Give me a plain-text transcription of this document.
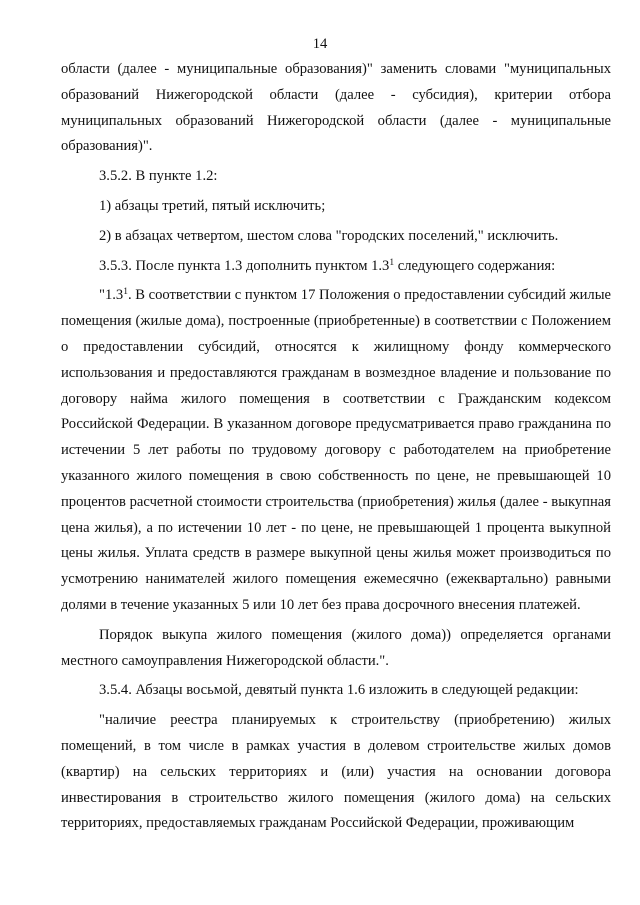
14

области (далее - муниципальные образования)" заменить словами "муниципальных образований Нижегородской области (далее - субсидия), критерии отбора муниципальных образований Нижегородской области (далее - муниципальные образования)".

3.5.2. В пункте 1.2:

1) абзацы третий, пятый исключить;

2) в абзацах четвертом, шестом слова "городских поселений," исключить.

3.5.3. После пункта 1.3 дополнить пунктом $1.3^1$ следующего содержания:

"$1.3^1$. В соответствии с пунктом 17 Положения о предоставлении субсидий жилые помещения (жилые дома), построенные (приобретенные) в соответствии с Положением о предоставлении субсидий, относятся к жилищному фонду коммерческого использования и предоставляются гражданам в возмездное владение и пользование по договору найма жилого помещения в соответствии с Гражданским кодексом Российской Федерации. В указанном договоре предусматривается право гражданина по истечении 5 лет работы по трудовому договору с работодателем на приобретение указанного жилого помещения в свою собственность по цене, не превышающей 10 процентов расчетной стоимости строительства (приобретения) жилья (далее - выкупная цена жилья), а по истечении 10 лет - по цене, не превышающей 1 процента выкупной цены жилья. Уплата средств в размере выкупной цены жилья может производиться по усмотрению нанимателей жилого помещения ежемесячно (ежеквартально) равными долями в течение указанных 5 или 10 лет без права досрочного внесения платежей.

Порядок выкупа жилого помещения (жилого дома)) определяется органами местного самоуправления Нижегородской области.".

3.5.4. Абзацы восьмой, девятый пункта 1.6 изложить в следующей редакции:

"наличие реестра планируемых к строительству (приобретению) жилых помещений, в том числе в рамках участия в долевом строительстве жилых домов (квартир) на сельских территориях и (или) участия на основании договора инвестирования в строительство жилого помещения (жилого дома) на сельских территориях, предоставляемых гражданам Российской Федерации, проживающим
